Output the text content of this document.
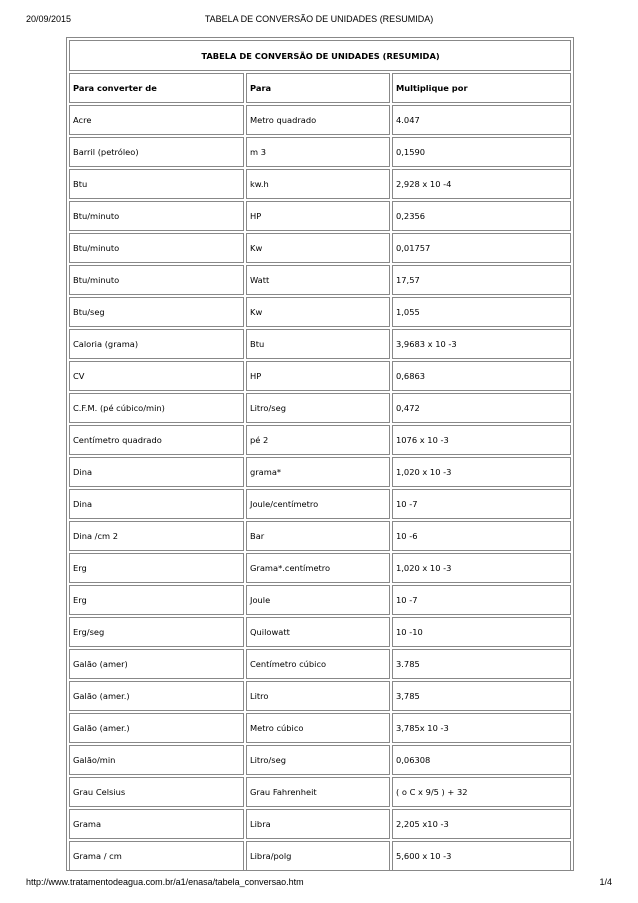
20/09/2015	TABELA DE CONVERSÃO DE UNIDADES (RESUMIDA)
TABELA DE CONVERSÃO DE UNIDADES (RESUMIDA)		
Para converter de	Para	Multiplique por
Acre	Metro quadrado	4.047
Barril (petróleo)	m 3	0,1590
Btu	kw.h	2,928 x 10 -4
Btu/minuto	HP	0,2356
Btu/minuto	Kw	0,01757
Btu/minuto	Watt	17,57
Btu/seg	Kw	1,055
Caloria (grama)	Btu	3,9683 x 10 -3
CV	HP	0,6863
C.F.M. (pé cúbico/min)	Litro/seg	0,472
Centímetro quadrado	pé 2	1076 x 10 -3
Dina	grama*	1,020 x 10 -3
Dina	Joule/centímetro	10 -7
Dina /cm 2	Bar	10 -6
Erg	Grama*.centímetro	1,020 x 10 -3
Erg	Joule	10 -7
Erg/seg	Quilowatt	10 -10
Galão (amer)	Centímetro cúbico	3.785
Galão (amer.)	Litro	3,785
Galão (amer.)	Metro cúbico	3,785x 10 -3
Galão/min	Litro/seg	0,06308
Grau Celsius	Grau Fahrenheit	( o C x 9/5 ) + 32
Grama	Libra	2,205 x10 -3
Grama / cm	Libra/polg	5,600 x 10 -3

http://www.tratamentodeagua.com.br/a1/enasa/tabela_conversao.htm	1/4
